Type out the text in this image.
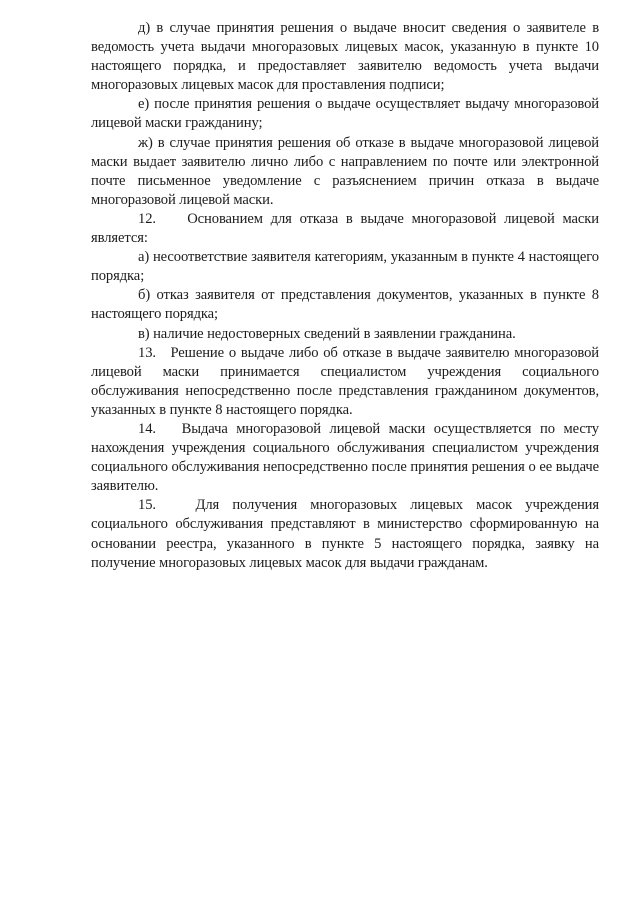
д) в случае принятия решения о выдаче вносит сведения о заявителе в ведомость учета выдачи многоразовых лицевых масок, указанную в пункте 10 настоящего порядка, и предоставляет заявителю ведомость учета выдачи многоразовых лицевых масок для проставления подписи;

е) после принятия решения о выдаче осуществляет выдачу многоразовой лицевой маски гражданину;

ж) в случае принятия решения об отказе в выдаче многоразовой лицевой маски выдает заявителю лично либо с направлением по почте или электронной почте письменное уведомление с разъяснением причин отказа в выдаче многоразовой лицевой маски.

12.    Основанием для отказа в выдаче многоразовой лицевой маски является:

а) несоответствие заявителя категориям, указанным в пункте 4 настоящего порядка;

б) отказ заявителя от представления документов, указанных в пункте 8 настоящего порядка;

в) наличие недостоверных сведений в заявлении гражданина.

13.   Решение о выдаче либо об отказе в выдаче заявителю многоразовой лицевой маски принимается специалистом учреждения социального обслуживания непосредственно после представления гражданином документов, указанных в пункте 8 настоящего порядка.

14.   Выдача многоразовой лицевой маски осуществляется по месту нахождения учреждения социального обслуживания специалистом учреждения социального обслуживания непосредственно после принятия решения о ее выдаче заявителю.

15.   Для получения многоразовых лицевых масок учреждения социального обслуживания представляют в министерство сформированную на основании реестра, указанного в пункте 5 настоящего порядка, заявку на получение многоразовых лицевых масок для выдачи гражданам.
